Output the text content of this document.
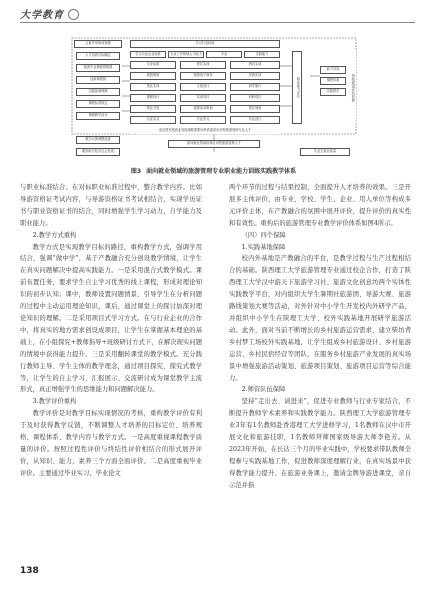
大学教育
五育并举如何构建	学习行业标准
人才培养目标确定
旅游专业课程群构建
创新课程群
实践基础保障
课程标准规定
课程教学设计
学习行业企业标准	专业工作领域人才能力	专业	实践能力
专业标准	景区实训	酒店实训
旅游规划	旅游电子商务	导游实训
景区实训	文创设计	研学旅行
课程设计	实训项目	科研项目
景区开发	旅游活动策划	景区规划
专业实习	专业见习	毕业设计
职业能力评价
能力导向
课程体系
实践教学	持续改进评价机制
教学反馈调整改进
适应国家旅游业发展战略需要培养高素质应用型旅游管理专业人才
面向就业领域培养应用型旅游管理人才
服务地方经济社会发展	毕业生就业质量
图3 面向就业领域的旅游管理专业职业能力训练实践教学体系

与职业标准结合。在对标职业标准过程中，整合教学内容。比如导游资格证考试内容，与导游资格证书考试相结合，实现学历证书与职业资格证书的结合，同时增强学生学习动力、自学能力及职业能力。

2.教学方式重构

教学方式是实现教学目标的路径，重构教学方式，强调学用结合，强调“做中学”，基于产教融合充分创设教学情境，让学生在真实问题解决中提高实践能力。一是采用混合式教学模式。课前布置任务，要求学生自主学习优秀的线上课程，形成对理论知识的初步认知；课中，教师设置问题情景，引导学生在分析问题的过程中主动运用理论知识，课后，通过课堂上的探讨加深对理论知识的理解。二是采用项目式学习方式。在与行业企业的合作中，将真实的地方需求创设成项目，让学生在掌握基本理论的基础上，在小组探究+教师指导+班级研讨方式下，在解决现实问题的情境中获得能力提升。三是采用翻转课堂的教学模式。充分践行教师主导、学生主体的教学理念，通过项目探究、探究式教学等，让学生的自主学习、汇报展示、交流研讨成为课堂教学主流形式，真正增强学生的思维能力和问题解决能力。

3.教学评价重构

教学评价是对教学目标实现情况的考核，重构教学评价有利于及时获得教学反馈，不断调整人才培养的目标定位、培养规格、课程体系、教学内容与教学方式。一是高度重视课程教学质量的评价。按照过程性评价与终结性评价相结合的形式展开评价，从知识、能力、素养三个方面全面评价。二是高度重视毕业评价。主要通过毕业实习、毕业论文

两个环节的过程与结果控制，全面提升人才培养的效果。三是开展多主体评价，由专业、学校、学生、企业、用人单位等构成多元评价主体，在产教融合的氛围中展开评价，提升评价的真实性和有效性。重构后的旅游管理专业教学评价体系如图4所示。

（四）四个保障

1.实践基地保障

校内外基地是产教融合的平台，是教学过程与生产过程相结合的基础。陕西理工大学旅游管理专业通过校企合作，打造了陕西理工大学汉中游天下旅游学习社、旅游文化创意坊两个实体性实践教学平台，对内组织大学生暑期社旅游团、导游大赛、旅游路线策划大赛等活动，对外针对中小学生开发校内外研学产品，并组织中小学生在陕理工大学、校外实践基地开展研学旅游活动。此外，面对当前不断增长的乡村旅游运营需求，建立柴坊背乡村梦工场校外实践基地，让学生组成乡村旅游设计、乡村旅游运营、乡村民宿经营等团队，在服务乡村旅游产业发展的真实场景中增强旅游活动策划、旅游项目策划、旅游项目运营等综合能力。

2.师资队伍保障

坚持“走出去、请进来”，促进专业教师与行业专家结合，不断提升教师学术素养和实践教学能力。陕西理工大学旅游管理专业3年有1名教师赴香港理工大学进修学习，1名教师在汉中市开展文化和旅游挂职，1名教师拜师国家级导游大师李艳芳。从2023年开始，在长达三个月的毕业实践中，学校要求带队教师全程参与实践基地工作，促进教师深度理解行业，在真实场景中获得教学能力提升。在旅游业务课上，邀请金牌导游进课堂，亲自示范并指

138
